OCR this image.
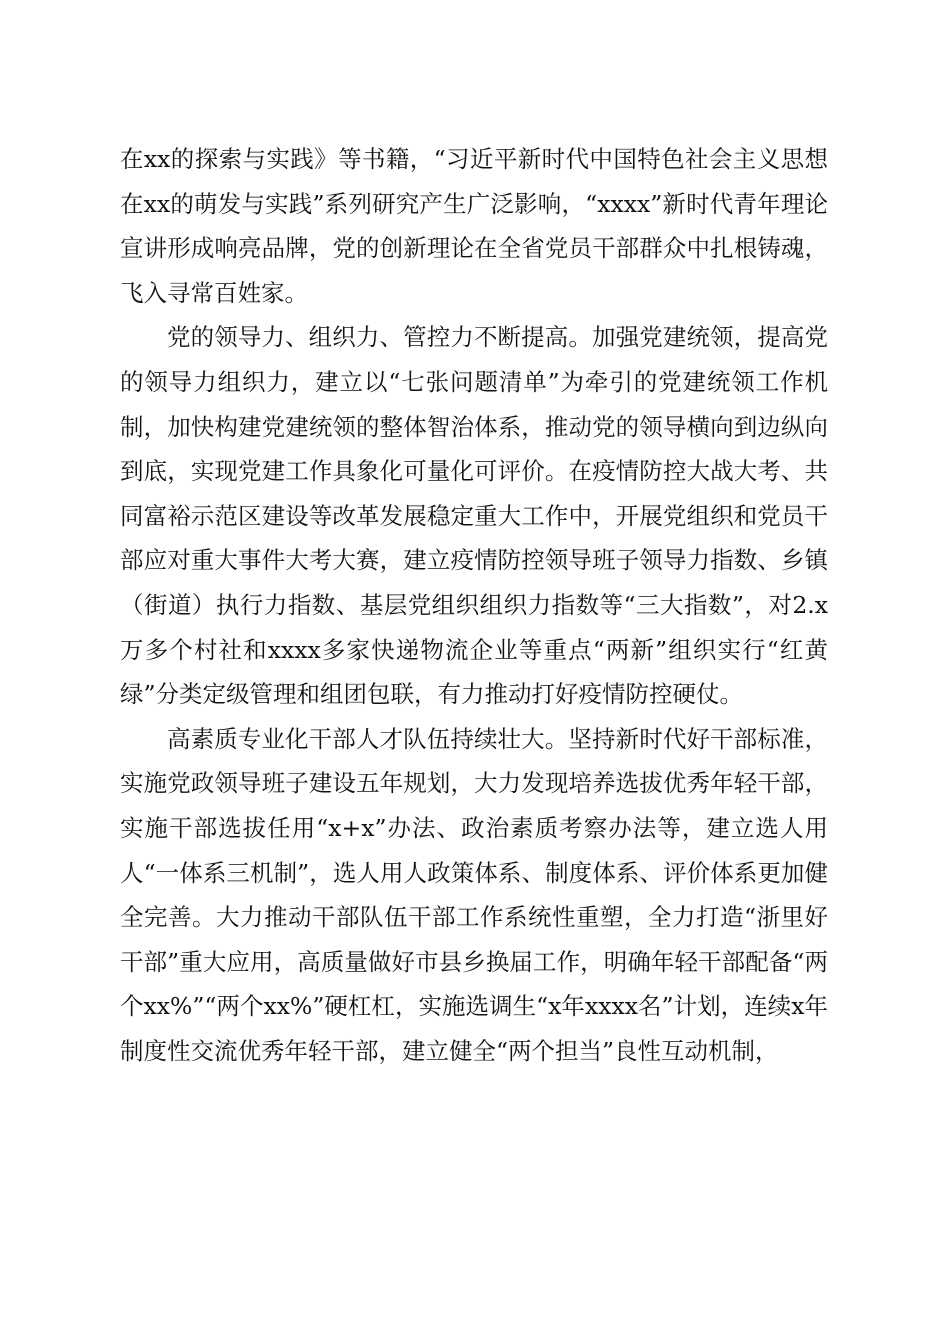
在xx的探索与实践》等书籍，“习近平新时代中国特色社会主义思想在xx的萌发与实践”系列研究产生广泛影响，“xxxx”新时代青年理论宣讲形成响亮品牌，党的创新理论在全省党员干部群众中扎根铸魂，飞入寻常百姓家。

党的领导力、组织力、管控力不断提高。加强党建统领，提高党的领导力组织力，建立以“七张问题清单”为牵引的党建统领工作机制，加快构建党建统领的整体智治体系，推动党的领导横向到边纵向到底，实现党建工作具象化可量化可评价。在疫情防控大战大考、共同富裕示范区建设等改革发展稳定重大工作中，开展党组织和党员干部应对重大事件大考大赛，建立疫情防控领导班子领导力指数、乡镇（街道）执行力指数、基层党组织组织力指数等“三大指数”，对2.x万多个村社和xxxx多家快递物流企业等重点“两新”组织实行“红黄绿”分类定级管理和组团包联，有力推动打好疫情防控硬仗。

高素质专业化干部人才队伍持续壮大。坚持新时代好干部标准，实施党政领导班子建设五年规划，大力发现培养选拔优秀年轻干部，实施干部选拔任用“x+x”办法、政治素质考察办法等，建立选人用人“一体系三机制”，选人用人政策体系、制度体系、评价体系更加健全完善。大力推动干部队伍干部工作系统性重塑，全力打造“浙里好干部”重大应用，高质量做好市县乡换届工作，明确年轻干部配备“两个xx%”“两个xx%”硬杠杠，实施选调生“x年xxxx名”计划，连续x年制度性交流优秀年轻干部，建立健全“两个担当”良性互动机制，
